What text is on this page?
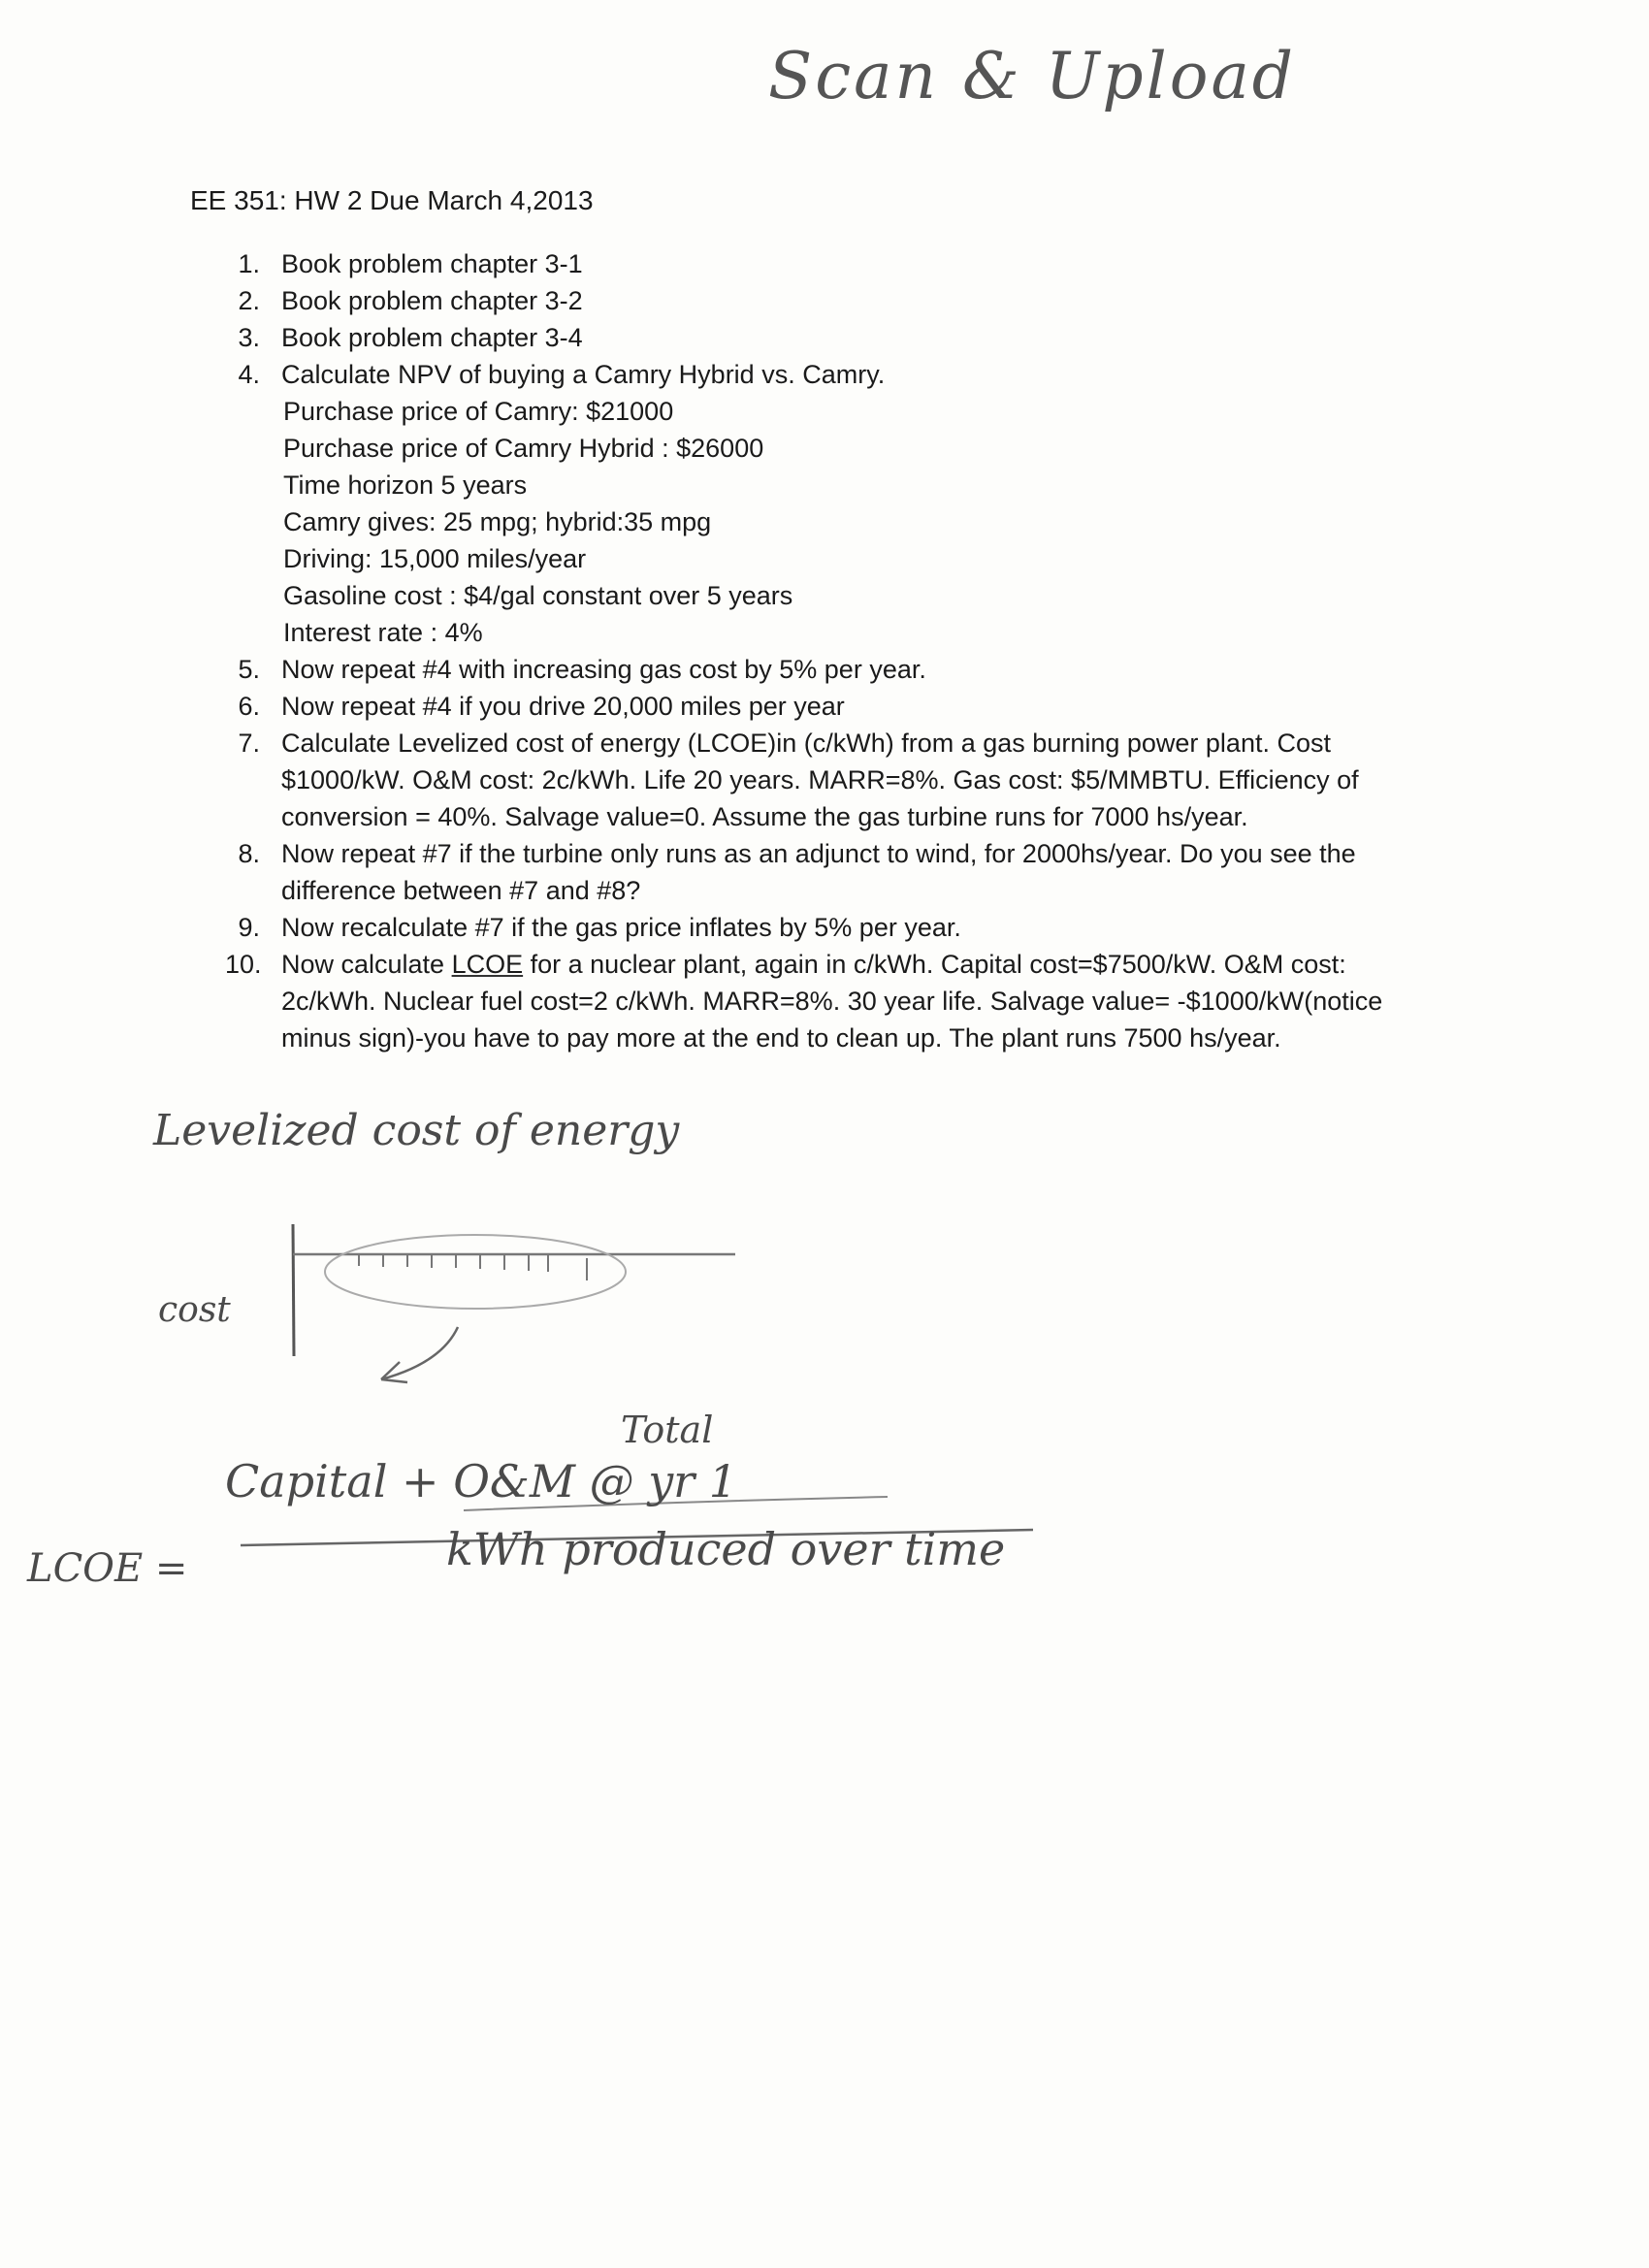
Scan & Upload
EE 351: HW 2 Due March 4,2013
1. Book problem chapter 3-1
2. Book problem chapter 3-2
3. Book problem chapter 3-4
4. Calculate NPV of buying a Camry Hybrid vs. Camry.
Purchase price of Camry: $21000
Purchase price of Camry Hybrid : $26000
Time horizon 5 years
Camry gives: 25 mpg; hybrid:35 mpg
Driving: 15,000 miles/year
Gasoline cost : $4/gal constant over 5 years
Interest rate : 4%
5. Now repeat #4 with increasing gas cost by 5% per year.
6. Now repeat #4 if you drive 20,000 miles per year
7. Calculate Levelized cost of energy (LCOE)in (c/kWh) from a gas burning power plant. Cost $1000/kW. O&M cost: 2c/kWh. Life 20 years. MARR=8%. Gas cost: $5/MMBTU. Efficiency of conversion = 40%. Salvage value=0. Assume the gas turbine runs for 7000 hs/year.
8. Now repeat #7 if the turbine only runs as an adjunct to wind, for 2000hs/year. Do you see the difference between #7 and #8?
9. Now recalculate #7 if the gas price inflates by 5% per year.
10. Now calculate LCOE for a nuclear plant, again in c/kWh. Capital cost=$7500/kW. O&M cost: 2c/kWh. Nuclear fuel cost=2 c/kWh. MARR=8%. 30 year life. Salvage value= -$1000/kW(notice minus sign)-you have to pay more at the end to clean up. The plant runs 7500 hs/year.
Levelized cost of energy
cost
Total
Capital + O&M @ yr 1
LCOE =	kWh produced over time
